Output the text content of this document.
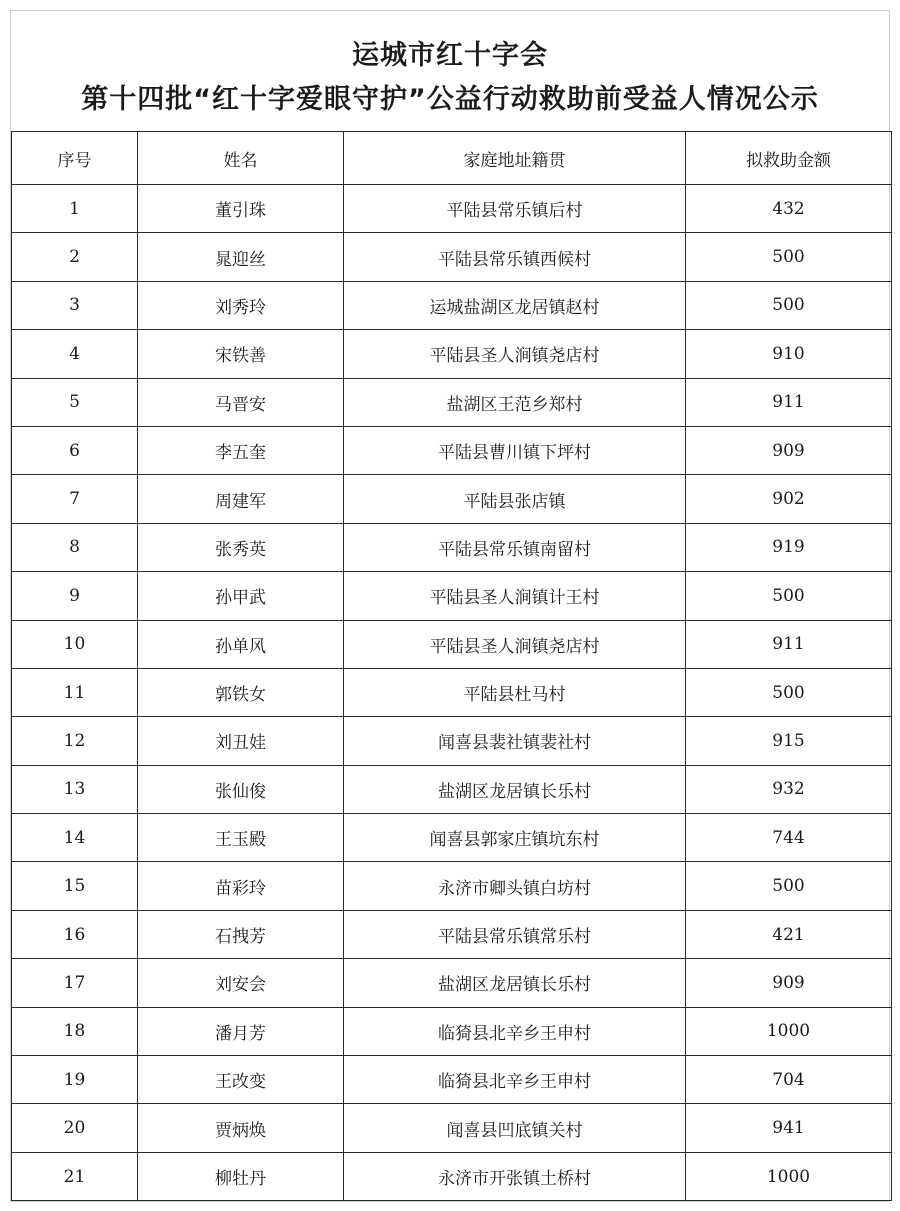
运城市红十字会
第十四批“红十字爱眼守护”公益行动救助前受益人情况公示
序号	姓名	家庭地址籍贯	拟救助金额
1	董引珠	平陆县常乐镇后村	432
2	晁迎丝	平陆县常乐镇西候村	500
3	刘秀玲	运城盐湖区龙居镇赵村	500
4	宋铁善	平陆县圣人涧镇尧店村	910
5	马晋安	盐湖区王范乡郑村	911
6	李五奎	平陆县曹川镇下坪村	909
7	周建军	平陆县张店镇	902
8	张秀英	平陆县常乐镇南留村	919
9	孙甲武	平陆县圣人涧镇计王村	500
10	孙单风	平陆县圣人涧镇尧店村	911
11	郭铁女	平陆县杜马村	500
12	刘丑娃	闻喜县裴社镇裴社村	915
13	张仙俊	盐湖区龙居镇长乐村	932
14	王玉殿	闻喜县郭家庄镇坑东村	744
15	苗彩玲	永济市卿头镇白坊村	500
16	石拽芳	平陆县常乐镇常乐村	421
17	刘安会	盐湖区龙居镇长乐村	909
18	潘月芳	临猗县北辛乡王申村	1000
19	王改变	临猗县北辛乡王申村	704
20	贾炳焕	闻喜县凹底镇关村	941
21	柳牡丹	永济市开张镇土桥村	1000
